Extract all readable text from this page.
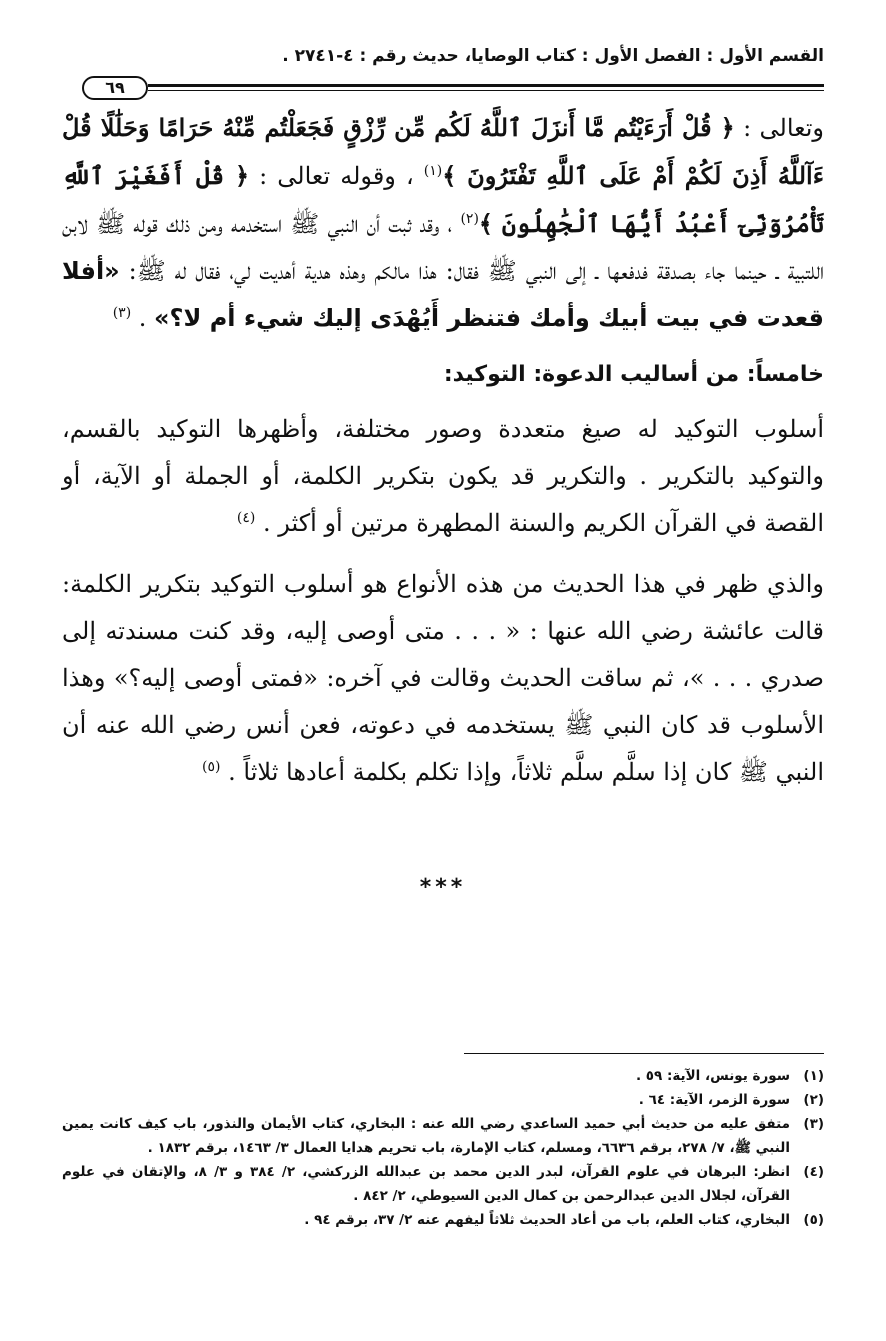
القسم الأول : الفصل الأول : كتاب الوصايا، حديث رقم : ٤-٢٧٤١ .
٦٩

وتعالى : ﴿ قُلْ أَرَءَيْتُم مَّا أَنزَلَ ٱللَّهُ لَكُم مِّن رِّزْقٍ فَجَعَلْتُم مِّنْهُ حَرَامًا وَحَلَٰلًا قُلْ ءَآللَّهُ أَذِنَ لَكُمْ أَمْ عَلَى ٱللَّهِ تَفْتَرُونَ ﴾$^{(١)}$ ، وقوله تعالى : ﴿ قُلْ أَفَغَيْرَ ٱللَّهِ تَأْمُرُوٓنِّىٓ أَعْبُدُ أَيُّهَا ٱلْجَٰهِلُونَ ﴾$^{(٢)}$ ، وقد ثبت أن النبي ﷺ استخدمه ومن ذلك قوله ﷺ لابن اللتبية ـ حينما جاء بصدقة فدفعها ـ إلى النبي ﷺ فقال: هذا مالكم وهذه هدية أهديت لي، فقال له ﷺ: «أفلا قعدت في بيت أبيك وأمك فتنظر أَيُهْدَى إليك شيء أم لا؟» . $^{(٣)}$

خامساً: من أساليب الدعوة: التوكيد:

أسلوب التوكيد له صيغ متعددة وصور مختلفة، وأظهرها التوكيد بالقسم، والتوكيد بالتكرير . والتكرير قد يكون بتكرير الكلمة، أو الجملة أو الآية، أو القصة في القرآن الكريم والسنة المطهرة مرتين أو أكثر . $^{(٤)}$

والذي ظهر في هذا الحديث من هذه الأنواع هو أسلوب التوكيد بتكرير الكلمة: قالت عائشة رضي الله عنها : « . . . متى أوصى إليه، وقد كنت مسندته إلى صدري . . . »، ثم ساقت الحديث وقالت في آخره: «فمتى أوصى إليه؟» وهذا الأسلوب قد كان النبي ﷺ يستخدمه في دعوته، فعن أنس رضي الله عنه أن النبي ﷺ كان إذا سلَّم سلَّم ثلاثاً، وإذا تكلم بكلمة أعادها ثلاثاً . $^{(٥)}$

***
(١)
سورة يونس، الآية: ٥٩ .
(٢)
سورة الزمر، الآية: ٦٤ .
(٣)
متفق عليه من حديث أبي حميد الساعدي رضي الله عنه : البخاري، كتاب الأيمان والنذور، باب كيف كانت يمين النبي ﷺ، ٧/ ٢٧٨، برقم ٦٦٣٦، ومسلم، كتاب الإمارة، باب تحريم هدايا العمال ٣/ ١٤٦٣، برقم ١٨٣٢ .
(٤)
انظر: البرهان في علوم القرآن، لبدر الدين محمد بن عبدالله الزركشي، ٢/ ٣٨٤ و ٣/ ٨، والإتقان في علوم القرآن، لجلال الدين عبدالرحمن بن كمال الدين السيوطي، ٢/ ٨٤٢ .
(٥)
البخاري، كتاب العلم، باب من أعاد الحديث ثلاثاً ليفهم عنه ٢/ ٣٧، برقم ٩٤ .
